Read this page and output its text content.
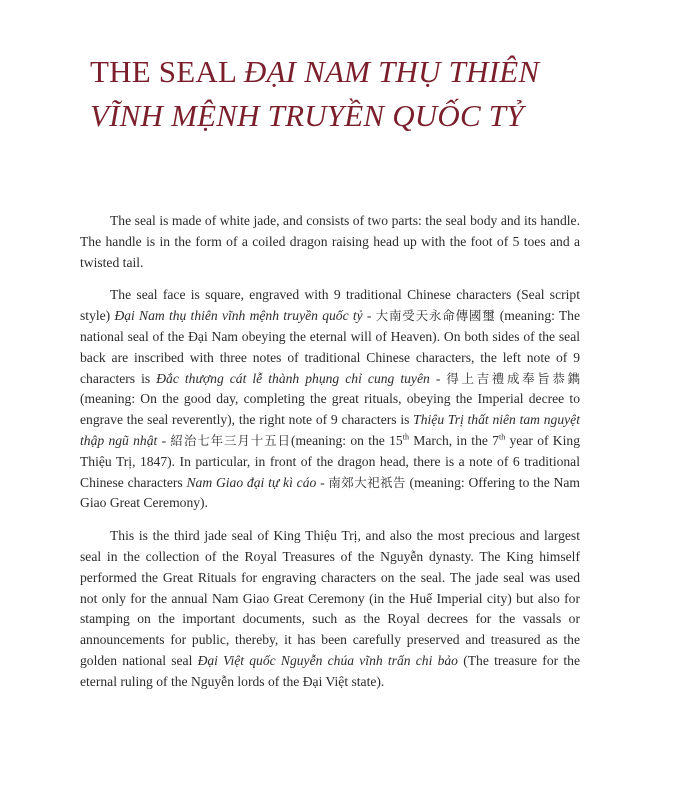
THE SEAL ĐẠI NAM THỤ THIÊN
VĨNH MỆNH TRUYỀN QUỐC TỶ

The seal is made of white jade, and consists of two parts: the seal body and its handle. The handle is in the form of a coiled dragon raising head up with the foot of 5 toes and a twisted tail.

The seal face is square, engraved with 9 traditional Chinese characters (Seal script style) Đại Nam thụ thiên vĩnh mệnh truyền quốc tỷ - 大南受天永命傳國璽 (meaning: The national seal of the Đại Nam obeying the eternal will of Heaven). On both sides of the seal back are inscribed with three notes of traditional Chinese characters, the left note of 9 characters is Đắc thượng cát lễ thành phụng chỉ cung tuyên - 得上吉禮成奉旨恭鐫 (meaning: On the good day, completing the great rituals, obeying the Imperial decree to engrave the seal reverently), the right note of 9 characters is Thiệu Trị thất niên tam nguyệt thập ngũ nhật - 紹治七年三月十五日(meaning: on the 15th March, in the 7th year of King Thiệu Trị, 1847). In particular, in front of the dragon head, there is a note of 6 traditional Chinese characters Nam Giao đại tự kì cáo - 南郊大祀祇告 (meaning: Offering to the Nam Giao Great Ceremony).

This is the third jade seal of King Thiệu Trị, and also the most precious and largest seal in the collection of the Royal Treasures of the Nguyễn dynasty. The King himself performed the Great Rituals for engraving characters on the seal. The jade seal was used not only for the annual Nam Giao Great Ceremony (in the Huế Imperial city) but also for stamping on the important documents, such as the Royal decrees for the vassals or announcements for public, thereby, it has been carefully preserved and treasured as the golden national seal Đại Việt quốc Nguyễn chúa vĩnh trấn chi bảo (The treasure for the eternal ruling of the Nguyễn lords of the Đại Việt state).
